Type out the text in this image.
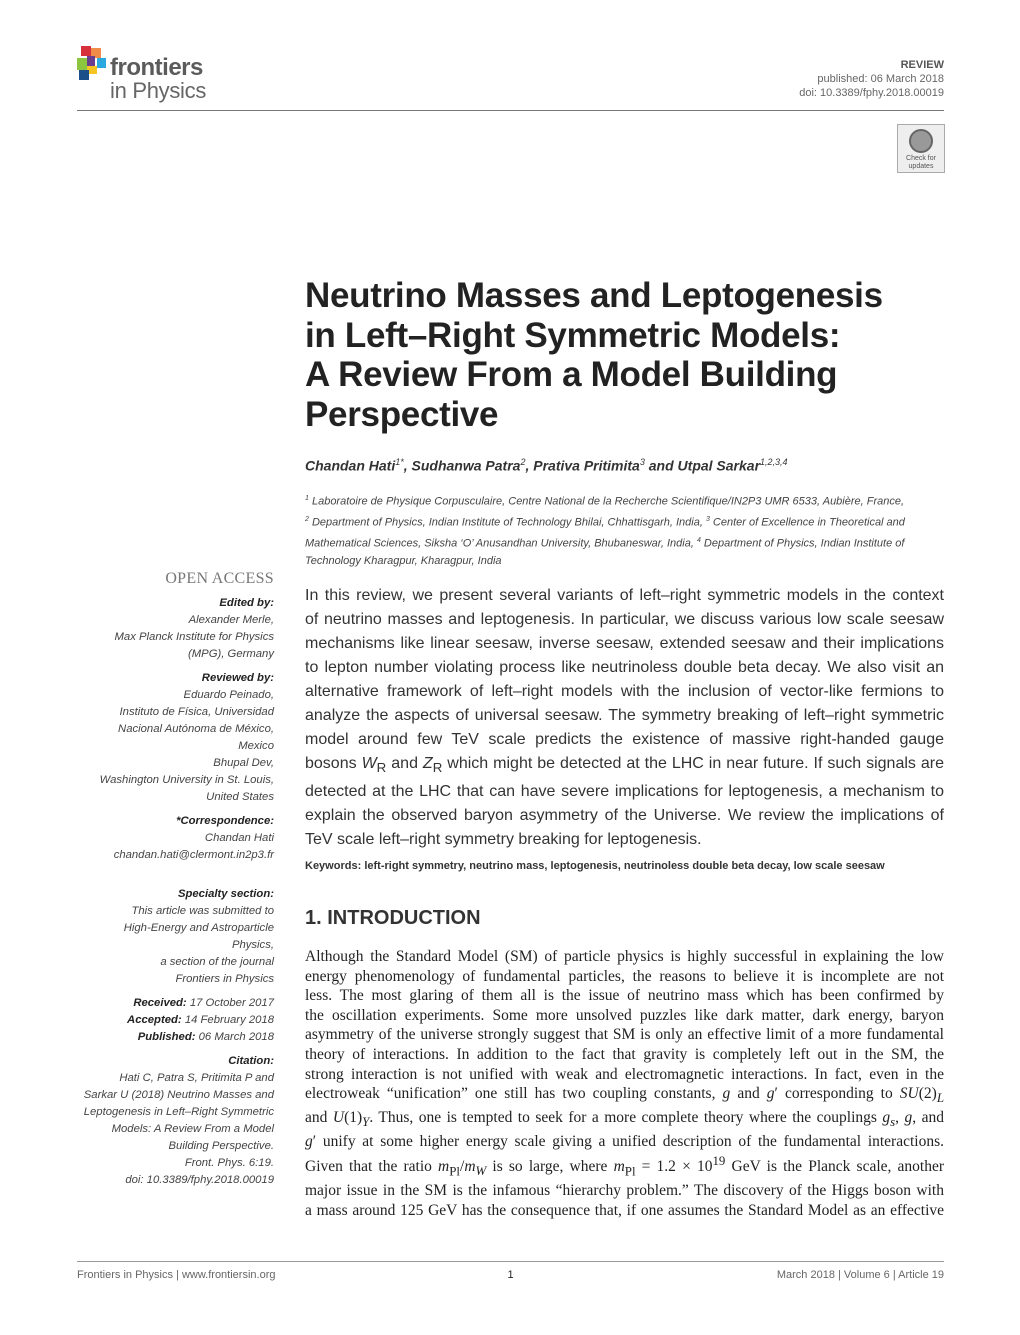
frontiers
in Physics
REVIEW
published: 06 March 2018
doi: 10.3389/fphy.2018.00019
Check for updates
Neutrino Masses and Leptogenesis
in Left–Right Symmetric Models:
A Review From a Model Building
Perspective
Chandan Hati$^{1*}$, Sudhanwa Patra$^2$, Prativa Pritimita$^3$ and Utpal Sarkar$^{1,2,3,4}$
$^1$ Laboratoire de Physique Corpusculaire, Centre National de la Recherche Scientifique/IN2P3 UMR 6533, Aubière, France,
$^2$ Department of Physics, Indian Institute of Technology Bhilai, Chhattisgarh, India, $^3$ Center of Excellence in Theoretical and
Mathematical Sciences, Siksha ‘O’ Anusandhan University, Bhubaneswar, India, $^4$ Department of Physics, Indian Institute of
Technology Kharagpur, Kharagpur, India
In this review, we present several variants of left–right symmetric models in the context
of neutrino masses and leptogenesis. In particular, we discuss various low scale seesaw
mechanisms like linear seesaw, inverse seesaw, extended seesaw and their implications
to lepton number violating process like neutrinoless double beta decay. We also visit an
alternative framework of left–right models with the inclusion of vector-like fermions to
analyze the aspects of universal seesaw. The symmetry breaking of left–right symmetric
model around few TeV scale predicts the existence of massive right-handed gauge
bosons $W_R$ and $Z_R$ which might be detected at the LHC in near future. If such signals are
detected at the LHC that can have severe implications for leptogenesis, a mechanism to
explain the observed baryon asymmetry of the Universe. We review the implications of
TeV scale left–right symmetry breaking for leptogenesis.
Keywords: left-right symmetry, neutrino mass, leptogenesis, neutrinoless double beta decay, low scale seesaw
1. INTRODUCTION
Although the Standard Model (SM) of particle physics is highly successful in explaining the low
energy phenomenology of fundamental particles, the reasons to believe it is incomplete are not
less. The most glaring of them all is the issue of neutrino mass which has been confirmed by
the oscillation experiments. Some more unsolved puzzles like dark matter, dark energy, baryon
asymmetry of the universe strongly suggest that SM is only an effective limit of a more fundamental
theory of interactions. In addition to the fact that gravity is completely left out in the SM, the
strong interaction is not unified with weak and electromagnetic interactions. In fact, even in the
electroweak “unification” one still has two coupling constants, g and g′ corresponding to $SU(2)_L$
and $U(1)_Y$. Thus, one is tempted to seek for a more complete theory where the couplings $g_s$, g, and
g′ unify at some higher energy scale giving a unified description of the fundamental interactions.
Given that the ratio $m_{Pl}/m_W$ is so large, where $m_{Pl} = 1.2 \times 10^{19}$ GeV is the Planck scale, another
major issue in the SM is the infamous “hierarchy problem.” The discovery of the Higgs boson with
a mass around 125 GeV has the consequence that, if one assumes the Standard Model as an effective
OPEN ACCESS
Edited by:
Alexander Merle,
Max Planck Institute for Physics
(MPG), Germany
Reviewed by:
Eduardo Peinado,
Instituto de Física, Universidad
Nacional Autónoma de México,
Mexico
Bhupal Dev,
Washington University in St. Louis,
United States
*Correspondence:
Chandan Hati
chandan.hati@clermont.in2p3.fr
Specialty section:
This article was submitted to
High-Energy and Astroparticle
Physics,
a section of the journal
Frontiers in Physics
Received: 17 October 2017
Accepted: 14 February 2018
Published: 06 March 2018
Citation:
Hati C, Patra S, Pritimita P and
Sarkar U (2018) Neutrino Masses and
Leptogenesis in Left–Right Symmetric
Models: A Review From a Model
Building Perspective.
Front. Phys. 6:19.
doi: 10.3389/fphy.2018.00019
Frontiers in Physics | www.frontiersin.org	1	March 2018 | Volume 6 | Article 19
